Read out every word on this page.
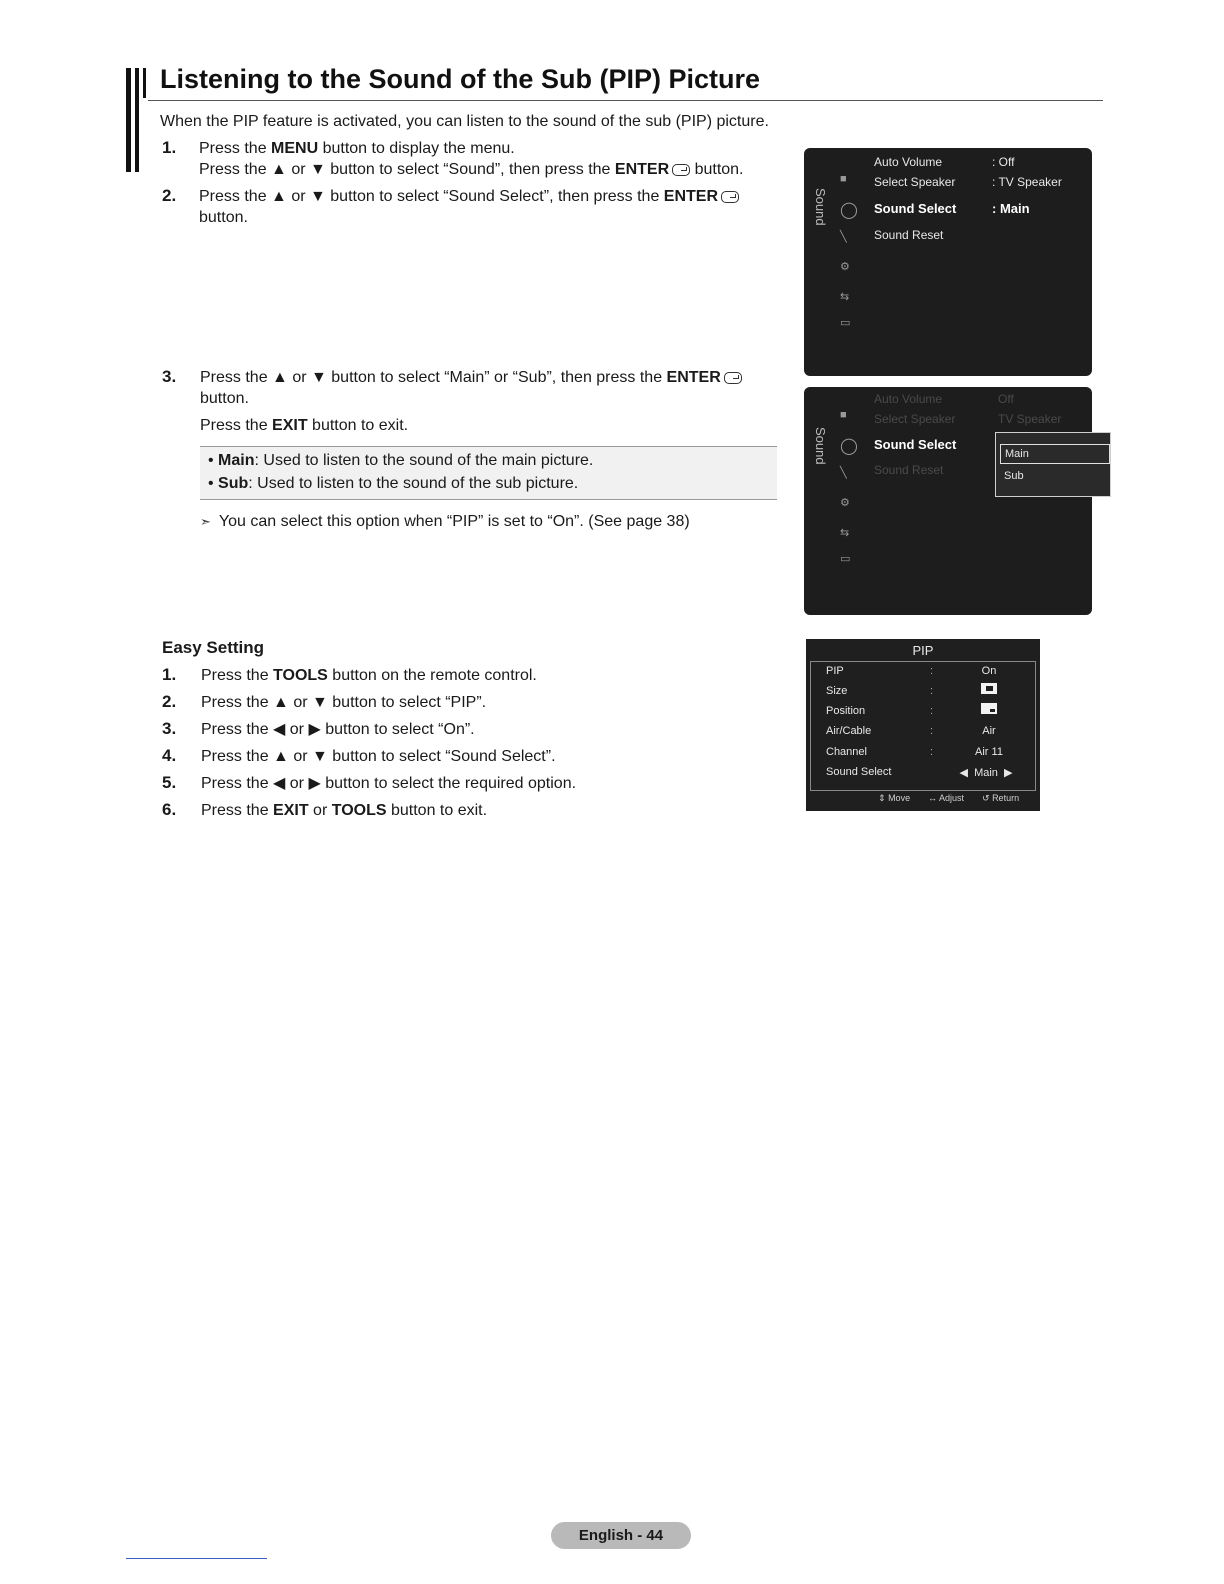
Listening to the Sound of the Sub (PIP) Picture
When the PIP feature is activated, you can listen to the sound of the sub (PIP) picture.
1. Press the MENU button to display the menu.
Press the ▲ or ▼ button to select “Sound”, then press the ENTER button.
2. Press the ▲ or ▼ button to select “Sound Select”, then press the ENTER
button.
3. Press the ▲ or ▼ button to select “Main” or “Sub”, then press the ENTER
button.
Press the EXIT button to exit.
• Main: Used to listen to the sound of the main picture.
• Sub: Used to listen to the sound of the sub picture.
➣ You can select this option when “PIP” is set to “On”. (See page 38)
Easy Setting
1. Press the TOOLS button on the remote control.
2. Press the ▲ or ▼ button to select “PIP”.
3. Press the ◀ or ▶ button to select “On”.
4. Press the ▲ or ▼ button to select “Sound Select”.
5. Press the ◀ or ▶ button to select the required option.
6. Press the EXIT or TOOLS button to exit.
Sound
■
◯
╲
⚙
⇆
▭
Auto Volume	: Off
Select Speaker	: TV Speaker
Sound Select	: Main
Sound Reset
Sound
■
◯
╲
⚙
⇆
▭
Auto Volume	Off
Select Speaker	TV Speaker
Sound Select
Sound Reset
Main
Sub
PIP
PIP	:	On
Size	:
Position	:
Air/Cable	:	Air
Channel	:	Air 11
Sound Select	◀ Main ▶
⇕ Move ↔ Adjust ↺ Return
English - 44
